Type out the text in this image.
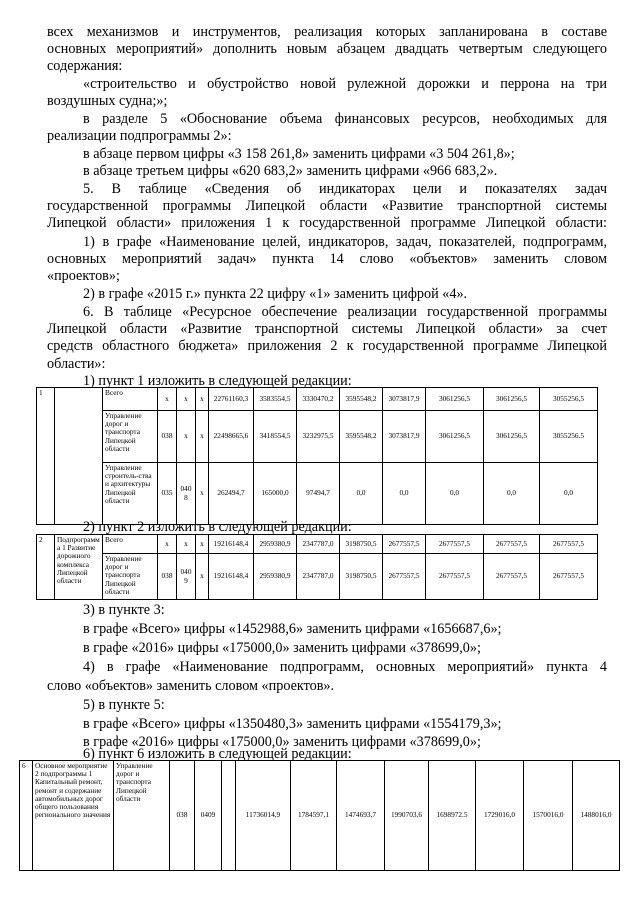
всех механизмов и инструментов, реализация которых запланирована в составе

основных мероприятий» дополнить новым абзацем двадцать четвертым следующего

содержания:

«строительство и обустройство новой рулежной дорожки и перрона на три

воздушных судна;»;

в разделе 5 «Обоснование объема финансовых ресурсов, необходимых для

реализации подпрограммы 2»:

в абзаце первом цифры «3 158 261,8» заменить цифрами «3 504 261,8»;

в абзаце третьем цифры «620 683,2» заменить цифрами «966 683,2».

5. В таблице «Сведения об индикаторах цели и показателях задач

государственной программы Липецкой области «Развитие транспортной системы

Липецкой области» приложения 1 к государственной программе Липецкой области:

1) в графе «Наименование целей, индикаторов, задач, показателей, подпрограмм,

основных мероприятий задач» пункта 14 слово «объектов» заменить словом

«проектов»;

2) в графе «2015 г.» пункта 22 цифру «1» заменить цифрой «4».

6. В таблице «Ресурсное обеспечение реализации государственной программы

Липецкой области «Развитие транспортной системы Липецкой области» за счет

средств областного бюджета» приложения 2 к государственной программе Липецкой

области»:

1) пункт 1 изложить в следующей редакции:

1		Всего	х	х	х	22761160,3	3583554,5	3330470,2	3595548,2	3073817,9	3061256,5	3061256,5	3055256,5
		Управление дорог и транспорта Липецкой области	038	х	х	22498665,6	3418554,5	3232975,5	3595548,2	3073817,9	3061256,5	3061256,5	3055256.5
		Управление строитель-ства и архитектуры Липецкой области	035	0408	х	262494,7	165000,0	97494,7	0,0	0,0	0,0	0,0	0,0

2) пункт 2 изложить в следующей редакции:

2	Подпрограмма 1 Развитие дорожного комплекса Липецкой области	Всего	х	х	х	19216148,4	2959380,9	2347787,0	3198750,5	2677557,5	2677557,5	2677557,5	2677557,5
		Управление дорог и транспорта Липецкой области	038	0409	х	19216148,4	2959380,9	2347787,0	3198750,5	2677557,5	2677557,5	2677557,5	2677557,5

3) в пункте 3:

в графе «Всего» цифры «1452988,6» заменить цифрами «1656687,6»;

в графе «2016» цифры «175000,0» заменить цифрами «378699,0»;

4) в графе «Наименование подпрограмм, основных мероприятий» пункта 4

слово «объектов» заменить словом «проектов».

5) в пункте 5:

в графе «Всего» цифры «1350480,3» заменить цифрами «1554179,3»;

в графе «2016» цифры «175000,0» заменить цифрами «378699,0»;

6) пункт 6 изложить в следующей редакции:

6	Основное мероприятие 2 подпрограммы 1 Капитальный ремонт, ремонт и содержание автомобильных дорог общего пользования регионального значения	Управление дорог и транспорта Липецкой области	038	0409		11736014,9	1784597,1	1474693,7	1990703,6	1698972.5	1729016,0	1570016,0	1488016,0
